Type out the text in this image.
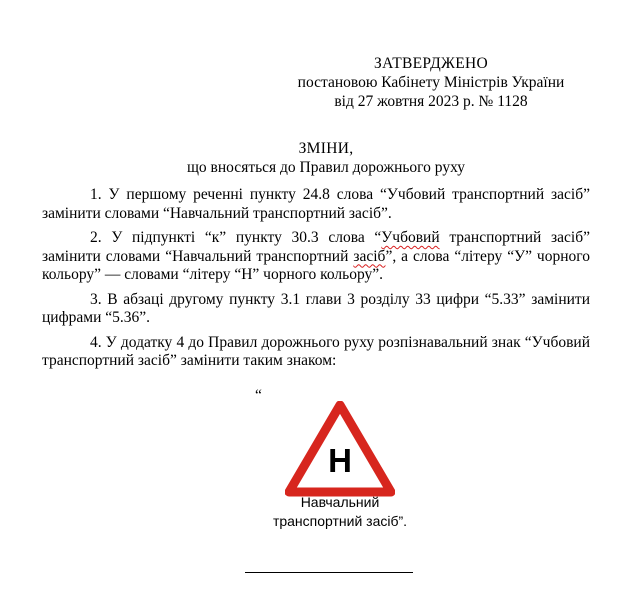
ЗАТВЕРДЖЕНО
постановою Кабінету Міністрів України
від 27 жовтня 2023 р. № 1128
ЗМІНИ,
що вносяться до Правил дорожнього руху

1. У першому реченні пункту 24.8 слова “Учбовий транспортний засіб” замінити словами “Навчальний транспортний засіб”.

2. У підпункті “к” пункту 30.3 слова “Учбовий транспортний засіб” замінити словами “Навчальний транспортний засіб”, а слова “літеру “У” чорного кольору” — словами “літеру “Н” чорного кольору”.

3. В абзаці другому пункту 3.1 глави 3 розділу 33 цифри “5.33” замінити цифрами “5.36”.

4. У додатку 4 до Правил дорожнього руху розпізнавальний знак “Учбовий транспортний засіб” замінити таким знаком:

“
Н
Навчальний
транспортний засіб”.
